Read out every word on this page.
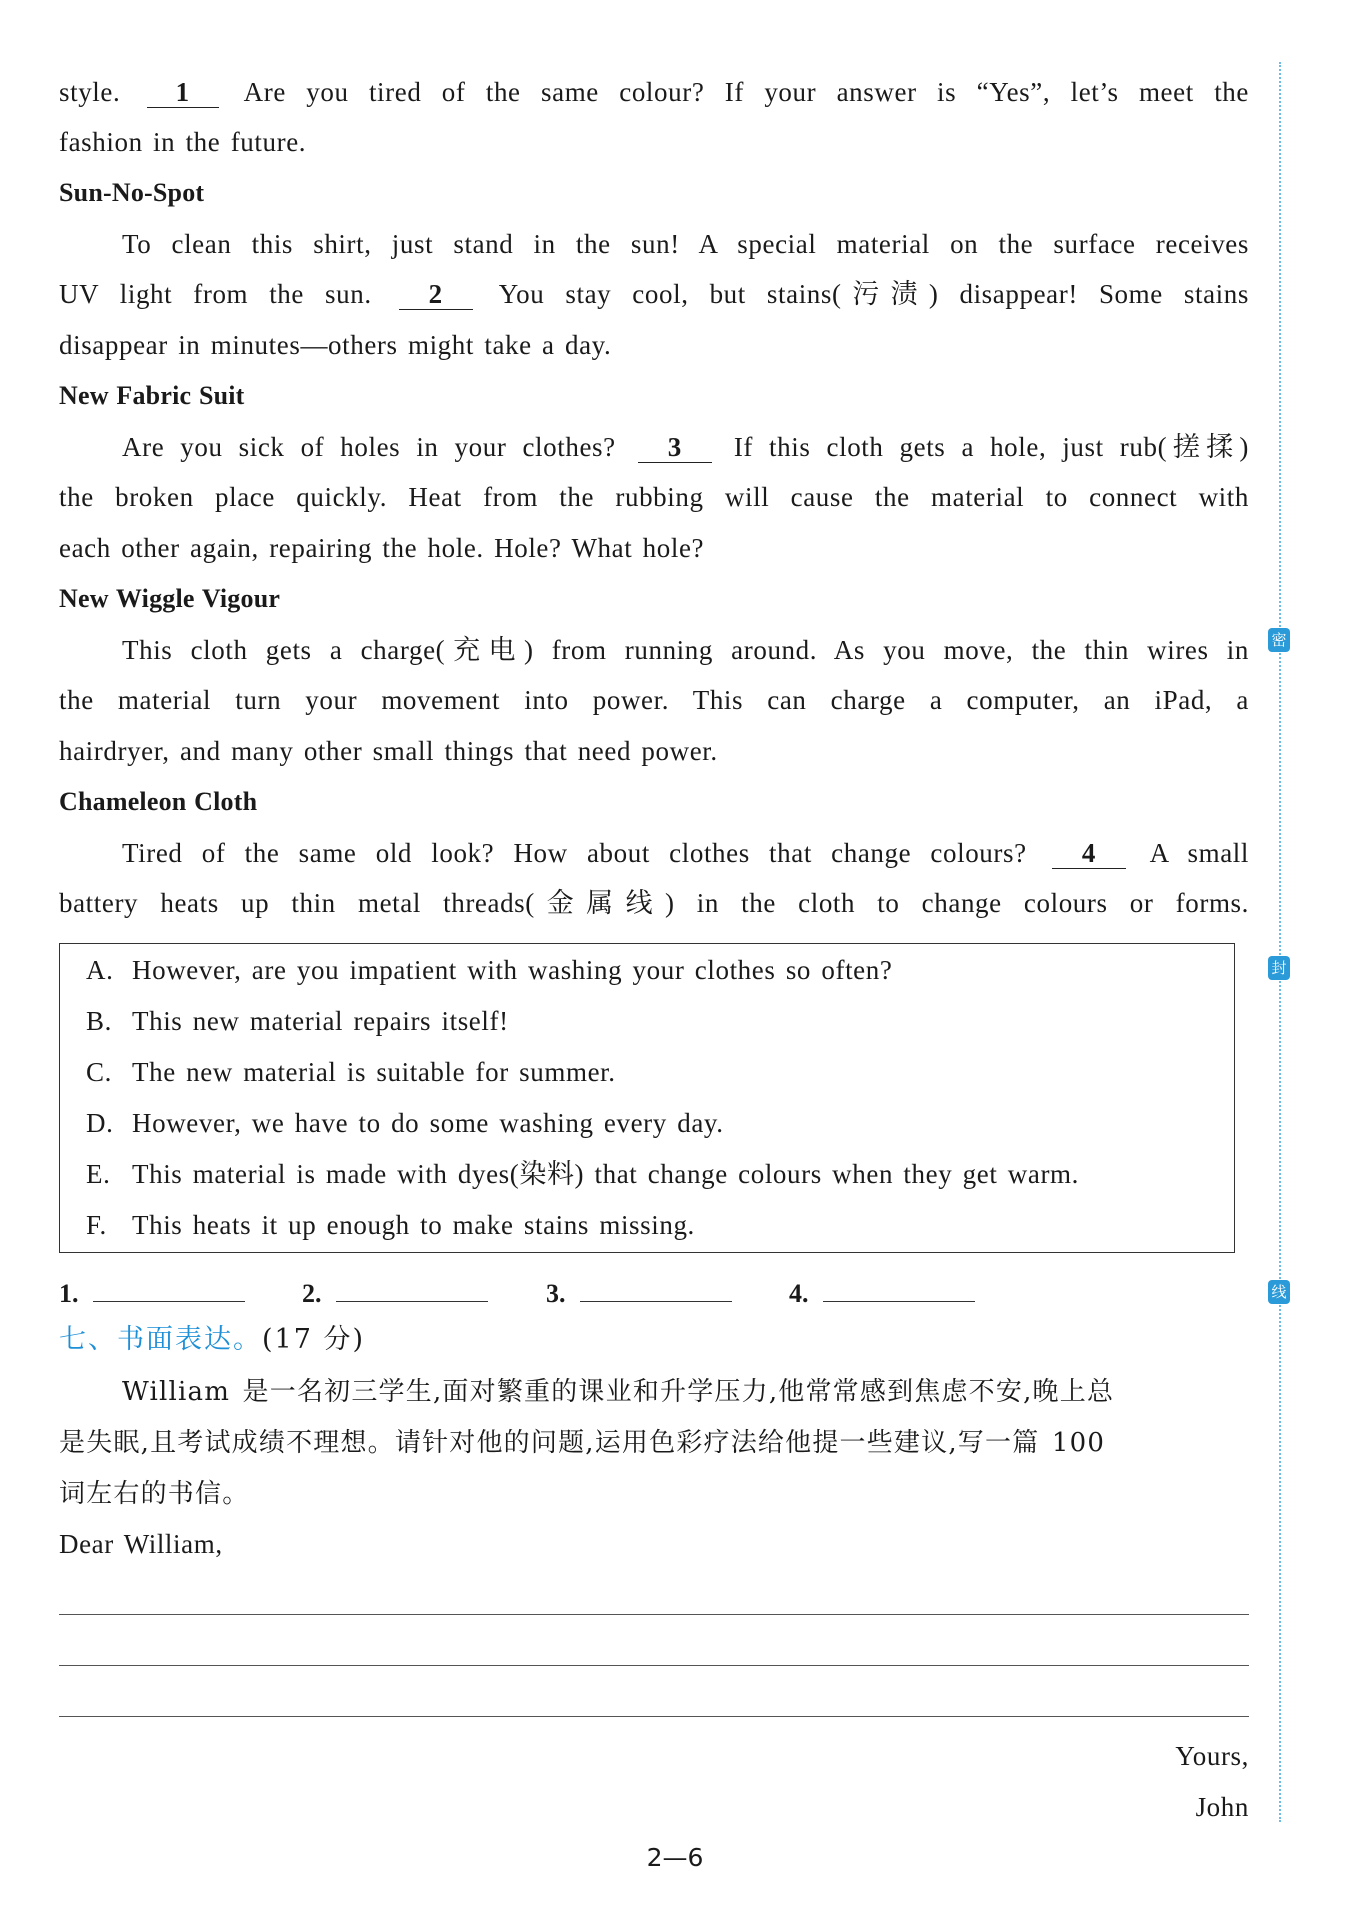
style. 1 Are you tired of the same colour? If your answer is “Yes”, let’s meet the
fashion in the future.
Sun-No-Spot
To clean this shirt, just stand in the sun! A special material on the surface receives
UV light from the sun. 2 You stay cool, but stains(污渍) disappear! Some stains
disappear in minutes—others might take a day.
New Fabric Suit
Are you sick of holes in your clothes? 3 If this cloth gets a hole, just rub(搓揉)
the broken place quickly. Heat from the rubbing will cause the material to connect with
each other again, repairing the hole. Hole? What hole?
New Wiggle Vigour
This cloth gets a charge(充电) from running around. As you move, the thin wires in
the material turn your movement into power. This can charge a computer, an iPad, a
hairdryer, and many other small things that need power.
Chameleon Cloth
Tired of the same old look? How about clothes that change colours? 4 A small
battery heats up thin metal threads(金属线) in the cloth to change colours or forms.
A. However, are you impatient with washing your clothes so often?
B. This new material repairs itself!
C. The new material is suitable for summer.
D. However, we have to do some washing every day.
E. This material is made with dyes(染料) that change colours when they get warm.
F. This heats it up enough to make stains missing.
1.	2.	3.	4.
七、书面表达。(17 分)
William 是一名初三学生,面对繁重的课业和升学压力,他常常感到焦虑不安,晚上总
是失眠,且考试成绩不理想。请针对他的问题,运用色彩疗法给他提一些建议,写一篇 100
词左右的书信。
Dear William,
Yours,
John
2—6
密
封
线
